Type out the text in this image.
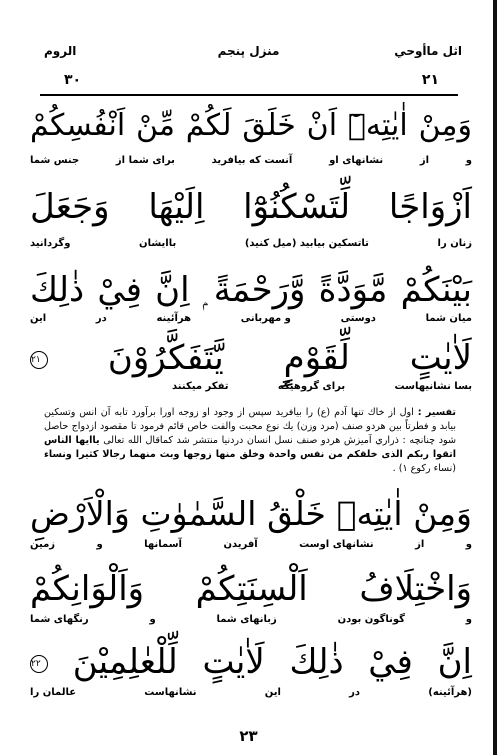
اثل ماأوحي
منزل پنجم
الروم
۲۱
۳۰
وَمِنْ اٰيٰتِهٖٓ اَنْ خَلَقَ لَكُمْ مِّنْ اَنْفُسِكُمْ
و
از
نشانهاى او
آنست كه بيافريد
براى شما از
جنس شما
اَزْوَاجًا لِّتَسْكُنُوْٓا اِلَيْهَا وَجَعَلَ
زنان را
تاتسكين بيابيد (ميل كنيد)
باايشان
وگردانيد
بَيْنَكُمْ مَّوَدَّةً وَّرَحْمَةً ۭ اِنَّ فِيْ ذٰلِكَ
ميان شما
دوستى
و مهربانى
هرآئينه
در
اين
لَاٰيٰتٍ لِّقَوْمٍ يَّتَفَكَّرُوْنَ ۲۱
بسا نشانيهاست
براى گروهيكه
تفكر ميكنند
تفسير : اول از خاك تنها آدم (ع) را بيافريد سپس از وجود او زوجه اورا برآورد تابه آن انس وتسكين بيابد و فطرتاً بين هردو صنف (مرد وزن) يك نوع محبت والفت خاص قائم فرمود تا مقصود ازدواج حاصل شود چنانچه : ذراري آميزش هردو صنف نسل انسان دردنيا منتشر شد كماقال الله تعالى ياايها الناس اتقوا ربكم الذى خلقكم من نفس واحدة وخلق منها زوجها وبث منهما رجالا كثيرا ونساء (نساء ركوع ۱) .
وَمِنْ اٰيٰتِهٖ خَلْقُ السَّمٰوٰتِ وَالْاَرْضِ
و
از
نشانهاى اوست
آفريدن
آسمانها
و
زمين
وَاخْتِلَافُ اَلْسِنَتِكُمْ وَاَلْوَانِكُمْ
و
گوناگون بودن
زبانهاى شما
و
رنگهاى شما
اِنَّ فِيْ ذٰلِكَ لَاٰيٰتٍ لِّلْعٰلِمِيْنَ ۲۲
(هرآئينه)
در
اين
نشانهاست
عالمان را
۲۳
